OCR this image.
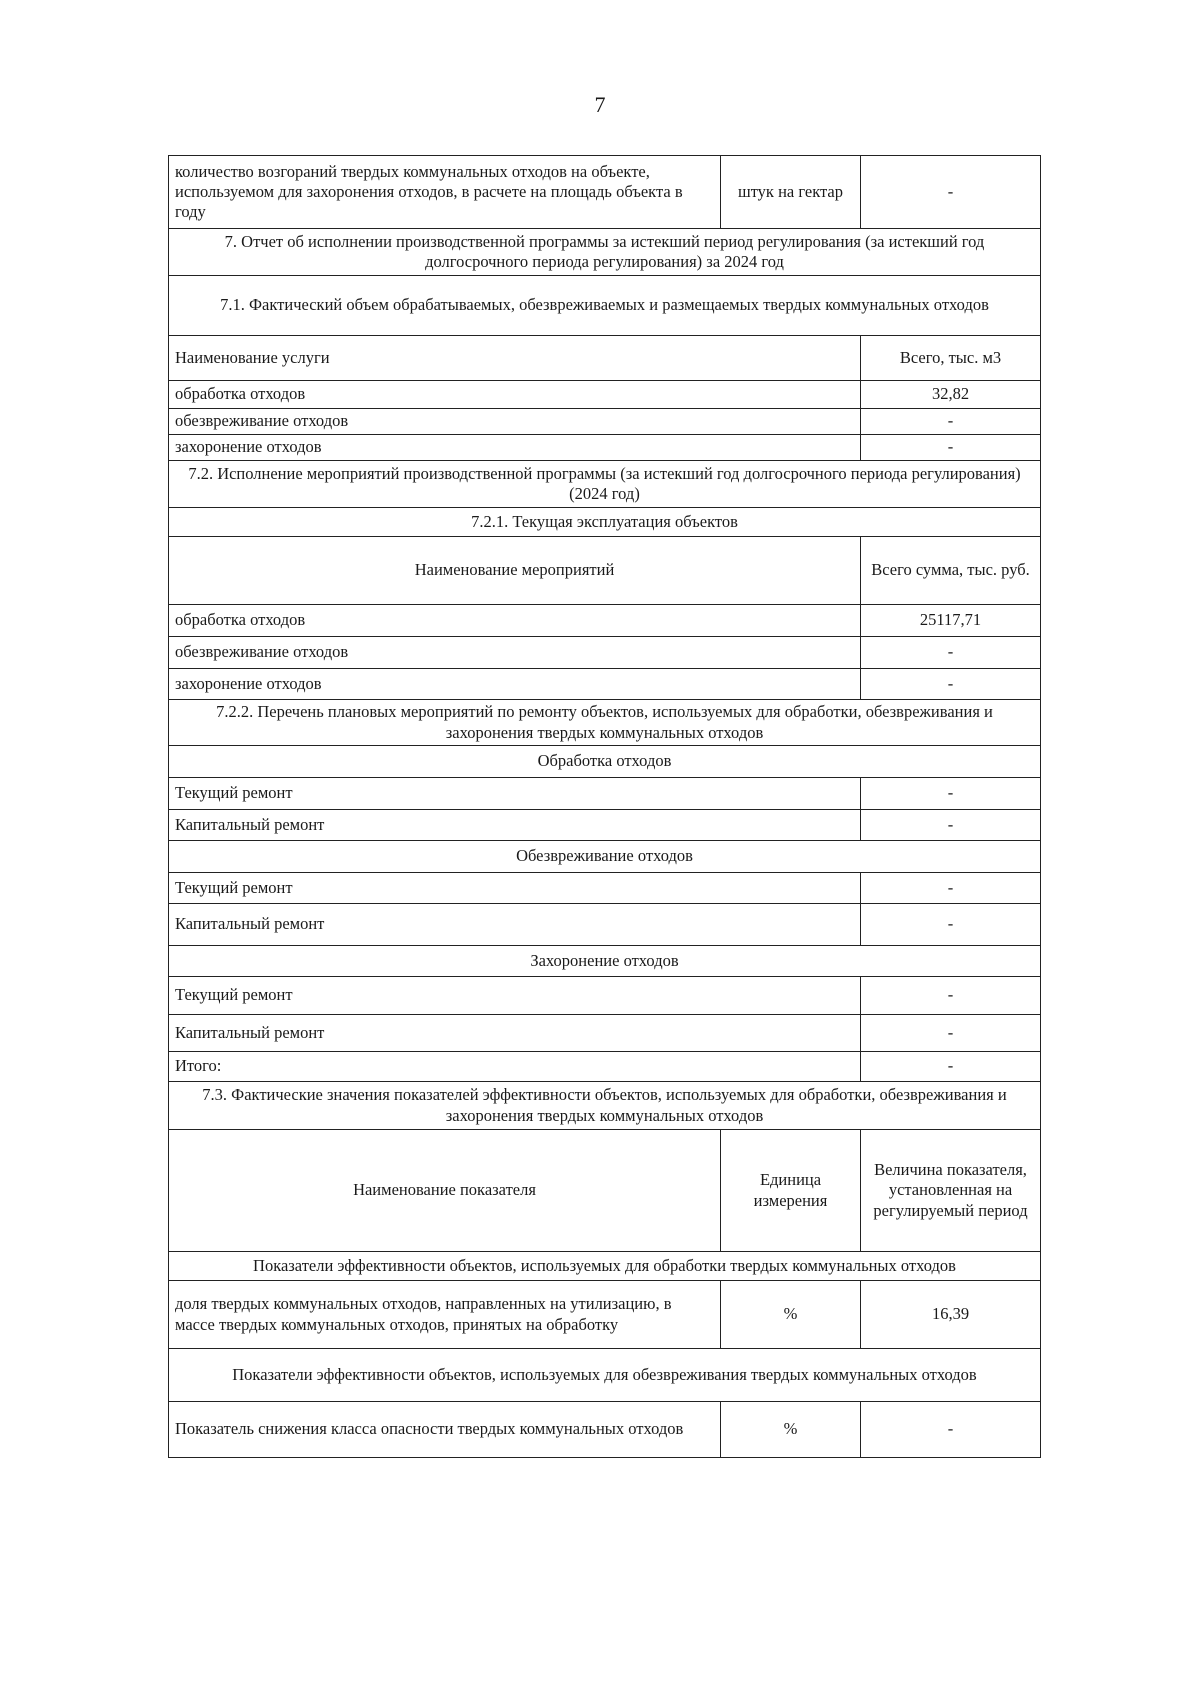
7
количество возгораний твердых коммунальных отходов на объекте, используемом для захоронения отходов, в расчете на площадь объекта в году	штук на гектар	-
7. Отчет об исполнении производственной программы за истекший период регулирования (за истекший год долгосрочного периода регулирования) за 2024 год		
7.1. Фактический объем обрабатываемых, обезвреживаемых и размещаемых твердых коммунальных отходов		
Наименование услуги		Всего, тыс. м3
обработка отходов		32,82
обезвреживание отходов		-
захоронение отходов		-
7.2. Исполнение мероприятий производственной программы (за истекший год долгосрочного периода регулирования) (2024 год)		
7.2.1. Текущая эксплуатация объектов		
Наименование мероприятий		Всего сумма, тыс. руб.
обработка отходов		25117,71
обезвреживание отходов		-
захоронение отходов		-
7.2.2. Перечень плановых мероприятий по ремонту объектов, используемых для обработки, обезвреживания и захоронения твердых коммунальных отходов		
Обработка отходов		
Текущий ремонт		-
Капитальный ремонт		-
Обезвреживание отходов		
Текущий ремонт		-
Капитальный ремонт		-
Захоронение отходов		
Текущий ремонт		-
Капитальный ремонт		-
Итого:		-
7.3. Фактические значения показателей эффективности объектов, используемых для обработки, обезвреживания и захоронения твердых коммунальных отходов		
Наименование показателя	Единица измерения	Величина показателя, установленная на регулируемый период
Показатели эффективности объектов, используемых для обработки твердых коммунальных отходов		
доля твердых коммунальных отходов, направленных на утилизацию, в массе твердых коммунальных отходов, принятых на обработку	%	16,39
Показатели эффективности объектов, используемых для обезвреживания твердых коммунальных отходов		
Показатель снижения класса опасности твердых коммунальных отходов	%	-
